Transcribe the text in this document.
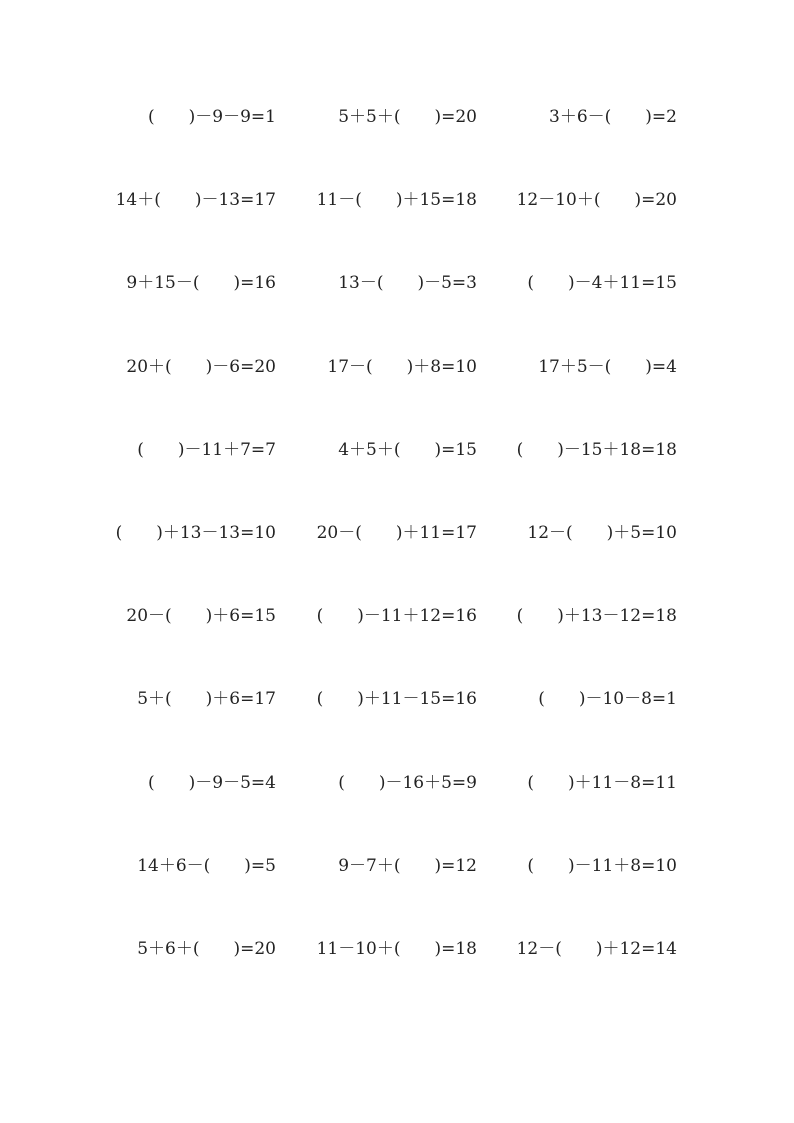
(　　)－9－9=1	5＋5＋(　　)=20	3＋6－(　　)=2
14＋(　　)－13=17	11－(　　)＋15=18	12－10＋(　　)=20
9＋15－(　　)=16	13－(　　)－5=3	(　　)－4＋11=15
20＋(　　)－6=20	17－(　　)＋8=10	17＋5－(　　)=4
(　　)－11＋7=7	4＋5＋(　　)=15	(　　)－15＋18=18
(　　)＋13－13=10	20－(　　)＋11=17	12－(　　)＋5=10
20－(　　)＋6=15	(　　)－11＋12=16	(　　)＋13－12=18
5＋(　　)＋6=17	(　　)＋11－15=16	(　　)－10－8=1
(　　)－9－5=4	(　　)－16＋5=9	(　　)＋11－8=11
14＋6－(　　)=5	9－7＋(　　)=12	(　　)－11＋8=10
5＋6＋(　　)=20	11－10＋(　　)=18	12－(　　)＋12=14
